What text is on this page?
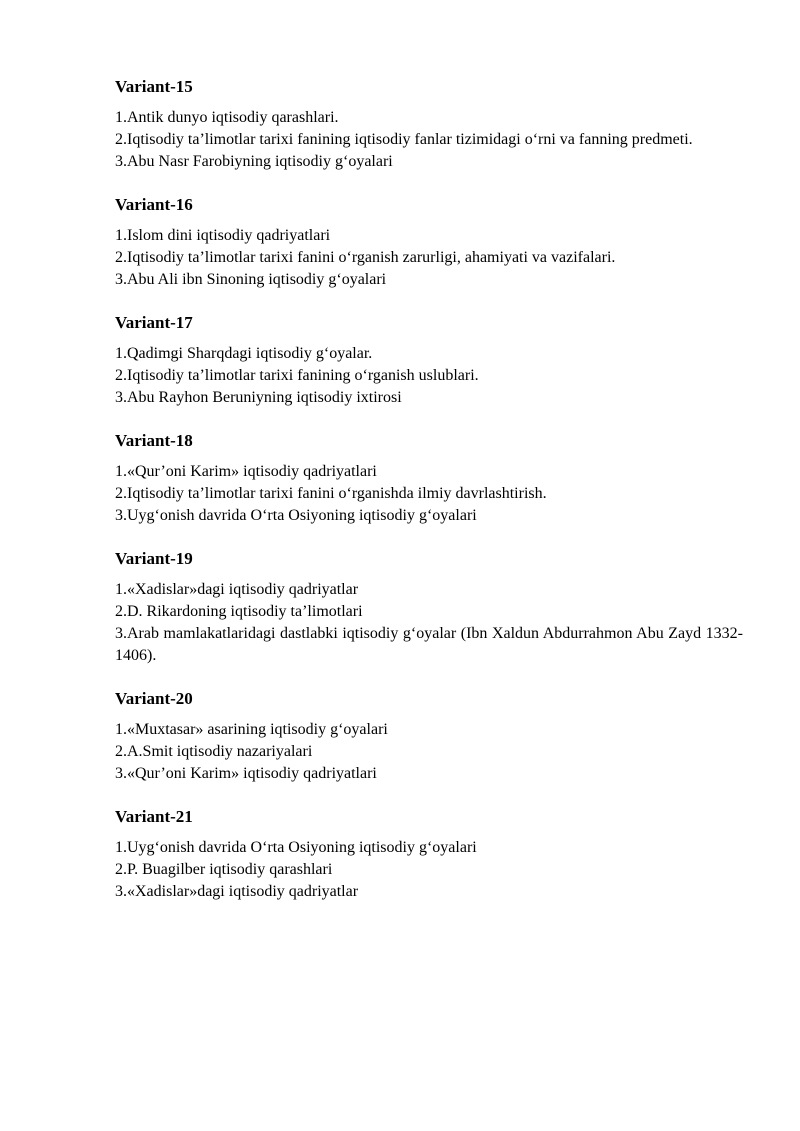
Variant-15

1.Antik dunyo iqtisodiy qarashlari.

2.Iqtisodiy ta’limotlar tarixi fanining iqtisodiy fanlar tizimidagi o‘rni va fanning predmeti.

3.Abu Nasr Farobiyning iqtisodiy g‘oyalari

Variant-16

1.Islom dini iqtisodiy qadriyatlari

2.Iqtisodiy ta’limotlar tarixi fanini o‘rganish zarurligi, ahamiyati va vazifalari.

3.Abu Ali ibn Sinoning iqtisodiy g‘oyalari

Variant-17

1.Qadimgi Sharqdagi iqtisodiy g‘oyalar.

2.Iqtisodiy ta’limotlar tarixi fanining o‘rganish uslublari.

3.Abu Rayhon Beruniyning iqtisodiy ixtirosi

Variant-18

1.«Qur’oni Karim» iqtisodiy qadriyatlari

2.Iqtisodiy ta’limotlar tarixi fanini o‘rganishda ilmiy davrlashtirish.

3.Uyg‘onish davrida O‘rta Osiyoning iqtisodiy g‘oyalari

Variant-19

1.«Xadislar»dagi iqtisodiy qadriyatlar

2.D. Rikardoning iqtisodiy ta’limotlari

3.Arab mamlakatlaridagi dastlabki iqtisodiy g‘oyalar (Ibn Xaldun Abdurrahmon Abu Zayd 1332-1406).

Variant-20

1.«Muxtasar» asarining iqtisodiy g‘oyalari

2.A.Smit iqtisodiy nazariyalari

3.«Qur’oni Karim» iqtisodiy qadriyatlari

Variant-21

1.Uyg‘onish davrida O‘rta Osiyoning iqtisodiy g‘oyalari

2.P. Buagilber iqtisodiy qarashlari

3.«Xadislar»dagi iqtisodiy qadriyatlar
